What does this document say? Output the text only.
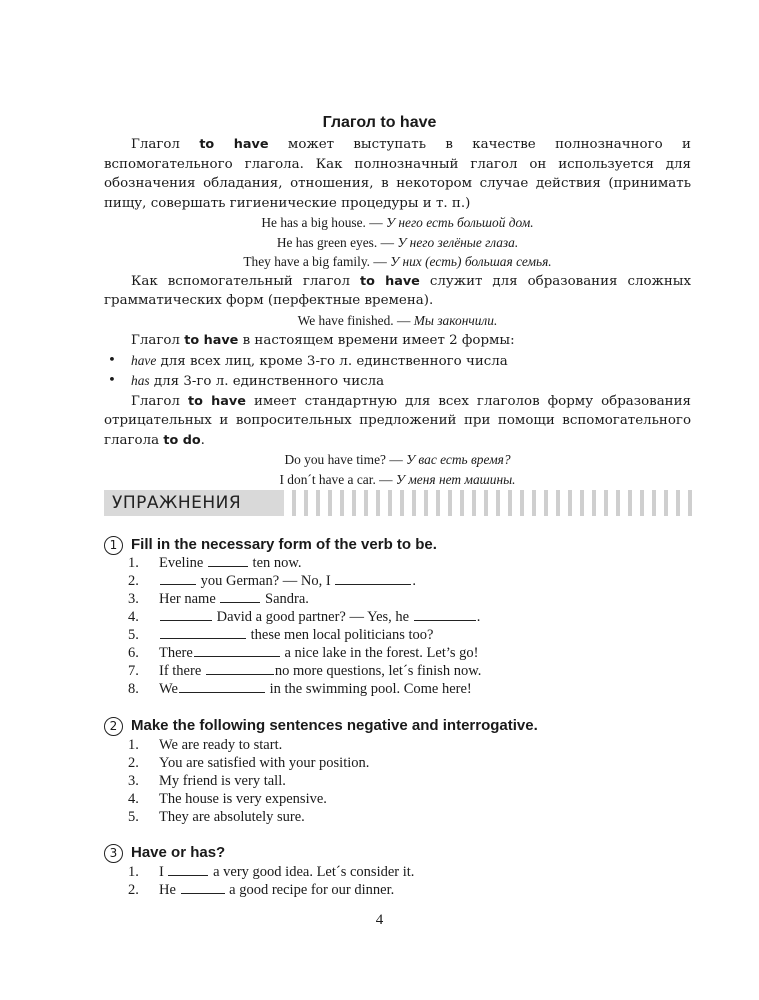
Глагол to have

Глагол to have может выступать в качестве полнозначного и вспомогательного глагола. Как полнозначный глагол он используется для обозначения обладания, отношения, в некотором случае действия (принимать пищу, совершать гигиенические процедуры и т. п.)

He has a big house. — У него есть большой дом.

He has green eyes. — У него зелёные глаза.

They have a big family. — У них (есть) большая семья.

Как вспомогательный глагол to have служит для образования сложных грамматических форм (перфектные времена).

We have finished. — Мы закончили.

Глагол to have в настоящем времени имеет 2 формы:

• have для всех лиц, кроме 3-го л. единственного числа

• has для 3-го л. единственного числа

Глагол to have имеет стандартную для всех глаголов форму образования отрицательных и вопросительных предложений при помощи вспомогательного глагола to do.

Do you have time? — У вас есть время?

I don´t have a car. — У меня нет машины.

УПРАЖНЕНИЯ
1 Fill in the necessary form of the verb to be.
1.	Eveline	ten now.
2.	you German? — No, I	.
3.	Her name	Sandra.
4.	David a good partner? — Yes, he	.
5.	these men local politicians too?
6.	There	a nice lake in the forest. Let’s go!
7.	If there	no more questions, let´s finish now.
8.	We	in the swimming pool. Come here!
2 Make the following sentences negative and interrogative.
1.	We are ready to start.
2.	You are satisfied with your position.
3.	My friend is very tall.
4.	The house is very expensive.
5.	They are absolutely sure.
3 Have or has?
1.	I	a very good idea. Let´s consider it.
2.	He	a good recipe for our dinner.
4
